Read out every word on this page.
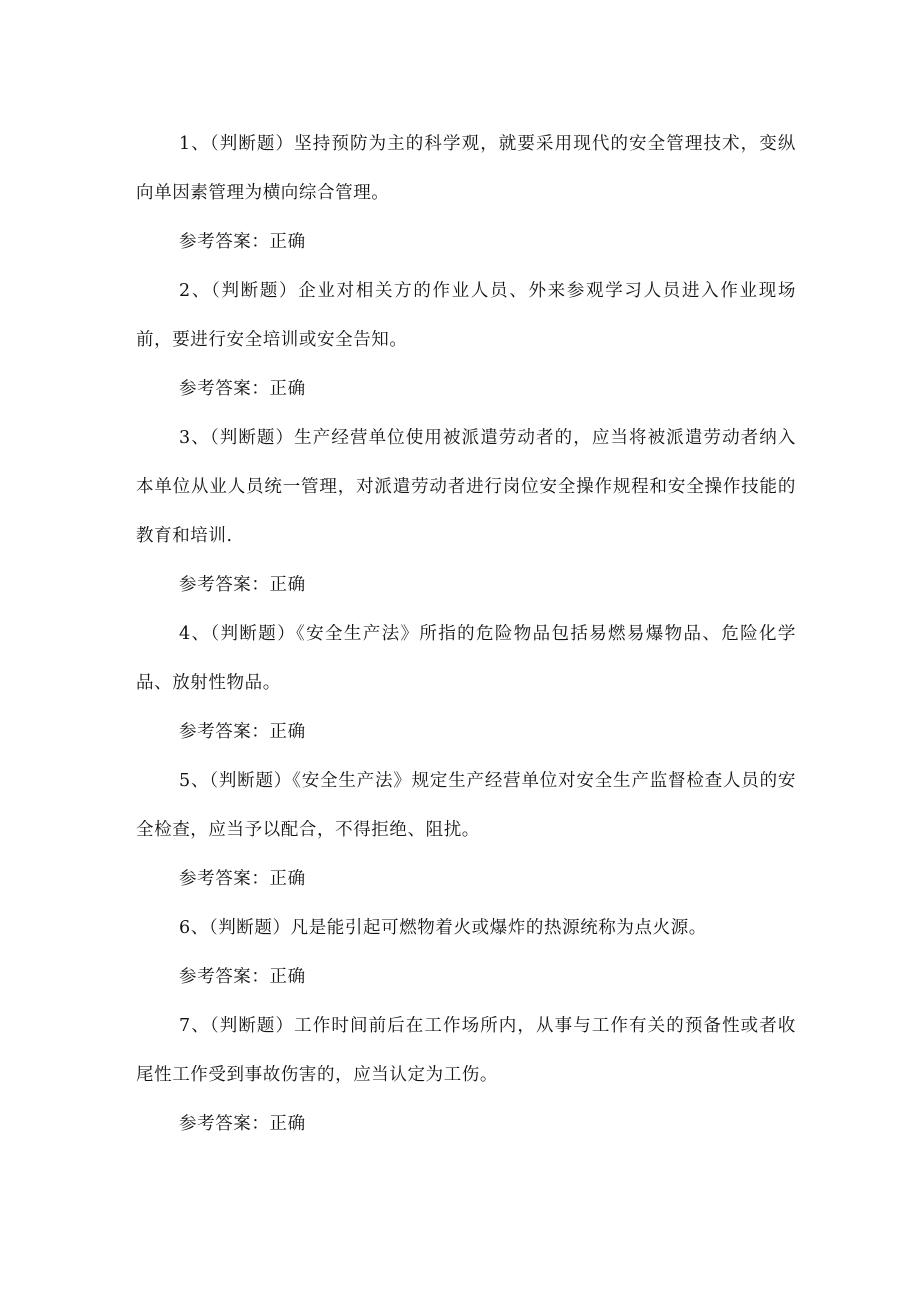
1、（判断题）坚持预防为主的科学观，就要采用现代的安全管理技术，变纵向单因素管理为横向综合管理。

参考答案：正确

2、（判断题）企业对相关方的作业人员、外来参观学习人员进入作业现场前，要进行安全培训或安全告知。

参考答案：正确

3、（判断题）生产经营单位使用被派遣劳动者的，应当将被派遣劳动者纳入本单位从业人员统一管理，对派遣劳动者进行岗位安全操作规程和安全操作技能的教育和培训.

参考答案：正确

4、（判断题）《安全生产法》所指的危险物品包括易燃易爆物品、危险化学品、放射性物品。

参考答案：正确

5、（判断题）《安全生产法》规定生产经营单位对安全生产监督检查人员的安全检查，应当予以配合，不得拒绝、阻扰。

参考答案：正确

6、（判断题）凡是能引起可燃物着火或爆炸的热源统称为点火源。

参考答案：正确

7、（判断题）工作时间前后在工作场所内，从事与工作有关的预备性或者收尾性工作受到事故伤害的，应当认定为工伤。

参考答案：正确
